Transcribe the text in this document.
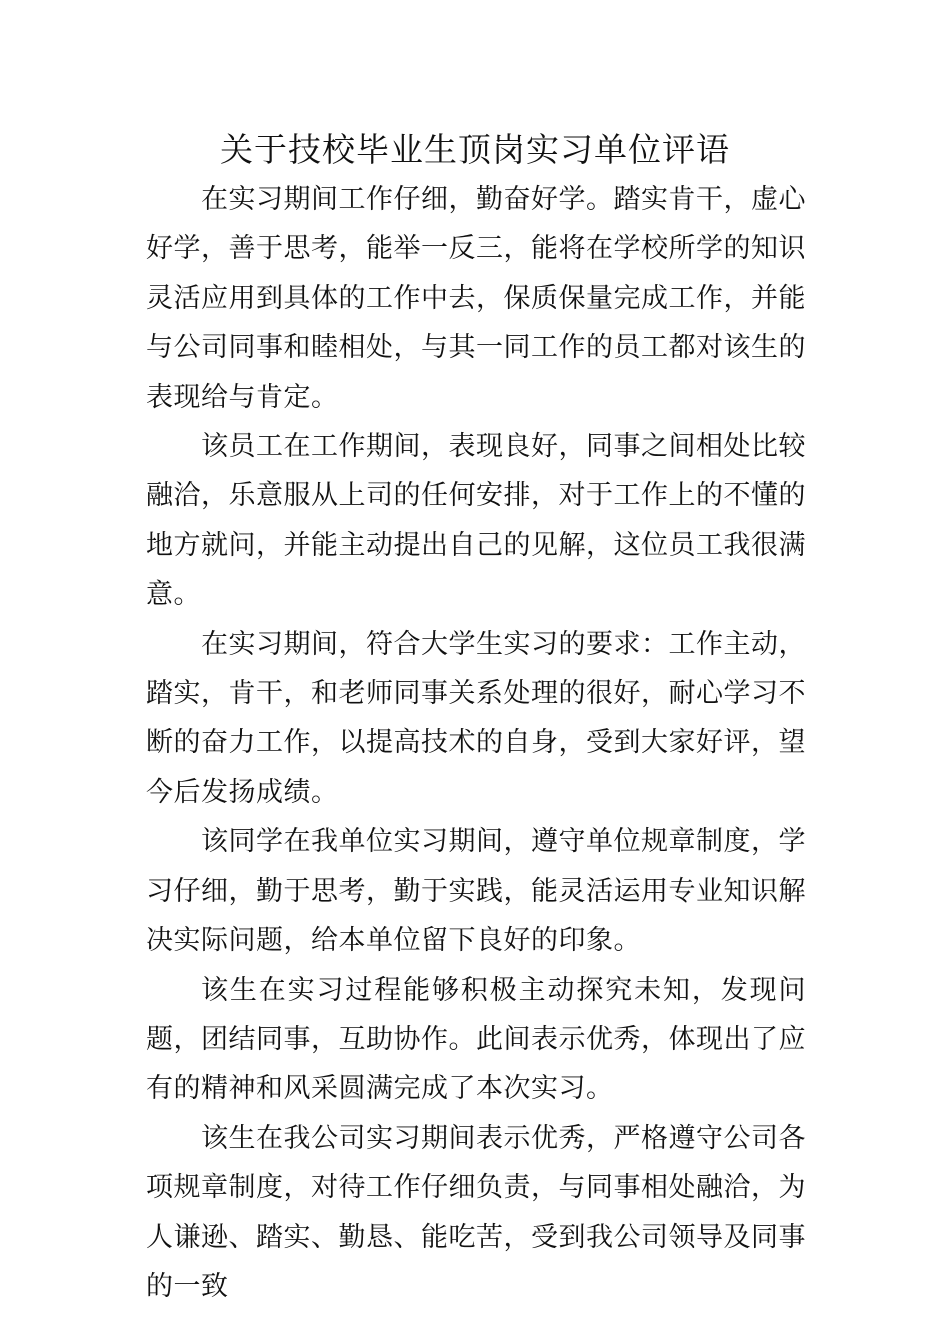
关于技校毕业生顶岗实习单位评语

在实习期间工作仔细，勤奋好学。踏实肯干，虚心好学，善于思考，能举一反三，能将在学校所学的知识灵活应用到具体的工作中去，保质保量完成工作，并能与公司同事和睦相处，与其一同工作的员工都对该生的表现给与肯定。

该员工在工作期间，表现良好，同事之间相处比较融洽，乐意服从上司的任何安排，对于工作上的不懂的地方就问，并能主动提出自己的见解，这位员工我很满意。

在实习期间，符合大学生实习的要求：工作主动，踏实，肯干，和老师同事关系处理的很好，耐心学习不断的奋力工作，以提高技术的自身，受到大家好评，望今后发扬成绩。

该同学在我单位实习期间，遵守单位规章制度，学习仔细，勤于思考，勤于实践，能灵活运用专业知识解决实际问题，给本单位留下良好的印象。

该生在实习过程能够积极主动探究未知，发现问题，团结同事，互助协作。此间表示优秀，体现出了应有的精神和风采圆满完成了本次实习。

该生在我公司实习期间表示优秀，严格遵守公司各项规章制度，对待工作仔细负责，与同事相处融洽，为人谦逊、踏实、勤恳、能吃苦，受到我公司领导及同事的一致
